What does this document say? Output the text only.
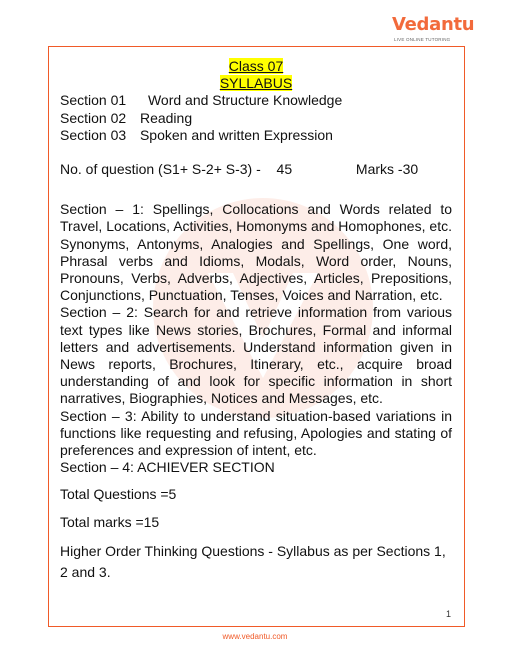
Vedantu
LIVE ONLINE TUTORING
Class 07
SYLLABUS
Section 01 Word and Structure Knowledge
Section 02 Reading
Section 03 Spoken and written Expression
No. of question (S1+ S-2+ S-3) - 45	Marks -30
Section – 1: Spellings, Collocations and Words related to Travel, Locations, Activities, Homonyms and Homophones, etc. Synonyms, Antonyms, Analogies and Spellings, One word, Phrasal verbs and Idioms, Modals, Word order, Nouns, Pronouns, Verbs, Adverbs, Adjectives, Articles, Prepositions, Conjunctions, Punctuation, Tenses, Voices and Narration, etc.
Section – 2: Search for and retrieve information from various text types like News stories, Brochures, Formal and informal letters and advertisements. Understand information given in News reports, Brochures, Itinerary, etc., acquire broad understanding of and look for specific information in short narratives, Biographies, Notices and Messages, etc.
Section – 3: Ability to understand situation-based variations in functions like requesting and refusing, Apologies and stating of preferences and expression of intent, etc.
Section – 4: ACHIEVER SECTION
Total Questions =5
Total marks =15
Higher Order Thinking Questions - Syllabus as per Sections 1, 2 and 3.
1
www.vedantu.com
